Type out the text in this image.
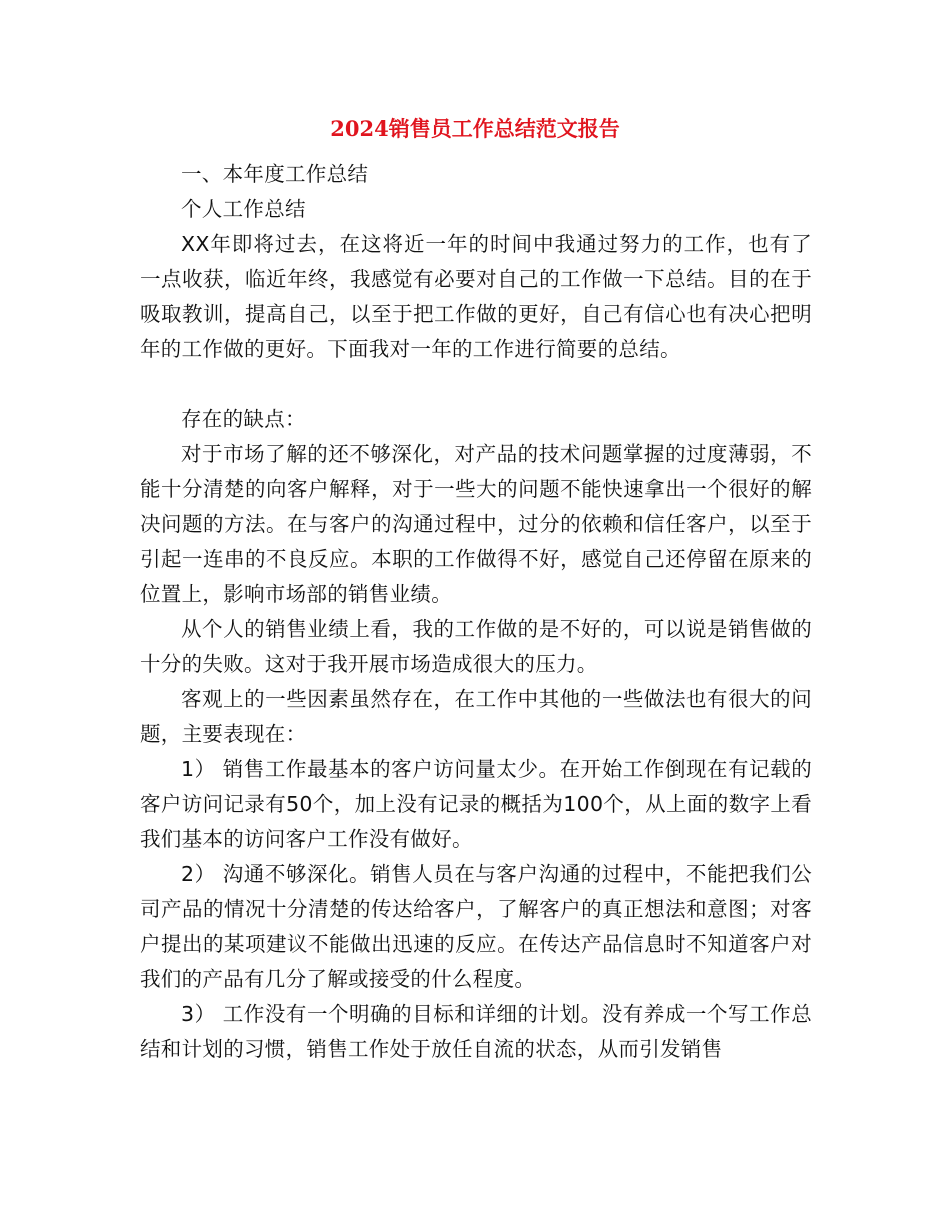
2024销售员工作总结范文报告

一、本年度工作总结

个人工作总结

XX年即将过去，在这将近一年的时间中我通过努力的工作，也有了一点收获，临近年终，我感觉有必要对自己的工作做一下总结。目的在于吸取教训，提高自己，以至于把工作做的更好，自己有信心也有决心把明年的工作做的更好。下面我对一年的工作进行简要的总结。

存在的缺点：

对于市场了解的还不够深化，对产品的技术问题掌握的过度薄弱，不能十分清楚的向客户解释，对于一些大的问题不能快速拿出一个很好的解决问题的方法。在与客户的沟通过程中，过分的依赖和信任客户，以至于引起一连串的不良反应。本职的工作做得不好，感觉自己还停留在原来的位置上，影响市场部的销售业绩。

从个人的销售业绩上看，我的工作做的是不好的，可以说是销售做的十分的失败。这对于我开展市场造成很大的压力。

客观上的一些因素虽然存在，在工作中其他的一些做法也有很大的问题，主要表现在：

1） 销售工作最基本的客户访问量太少。在开始工作倒现在有记载的客户访问记录有50个，加上没有记录的概括为100个，从上面的数字上看我们基本的访问客户工作没有做好。

2） 沟通不够深化。销售人员在与客户沟通的过程中，不能把我们公司产品的情况十分清楚的传达给客户，了解客户的真正想法和意图；对客户提出的某项建议不能做出迅速的反应。在传达产品信息时不知道客户对我们的产品有几分了解或接受的什么程度。

3） 工作没有一个明确的目标和详细的计划。没有养成一个写工作总结和计划的习惯，销售工作处于放任自流的状态，从而引发销售
